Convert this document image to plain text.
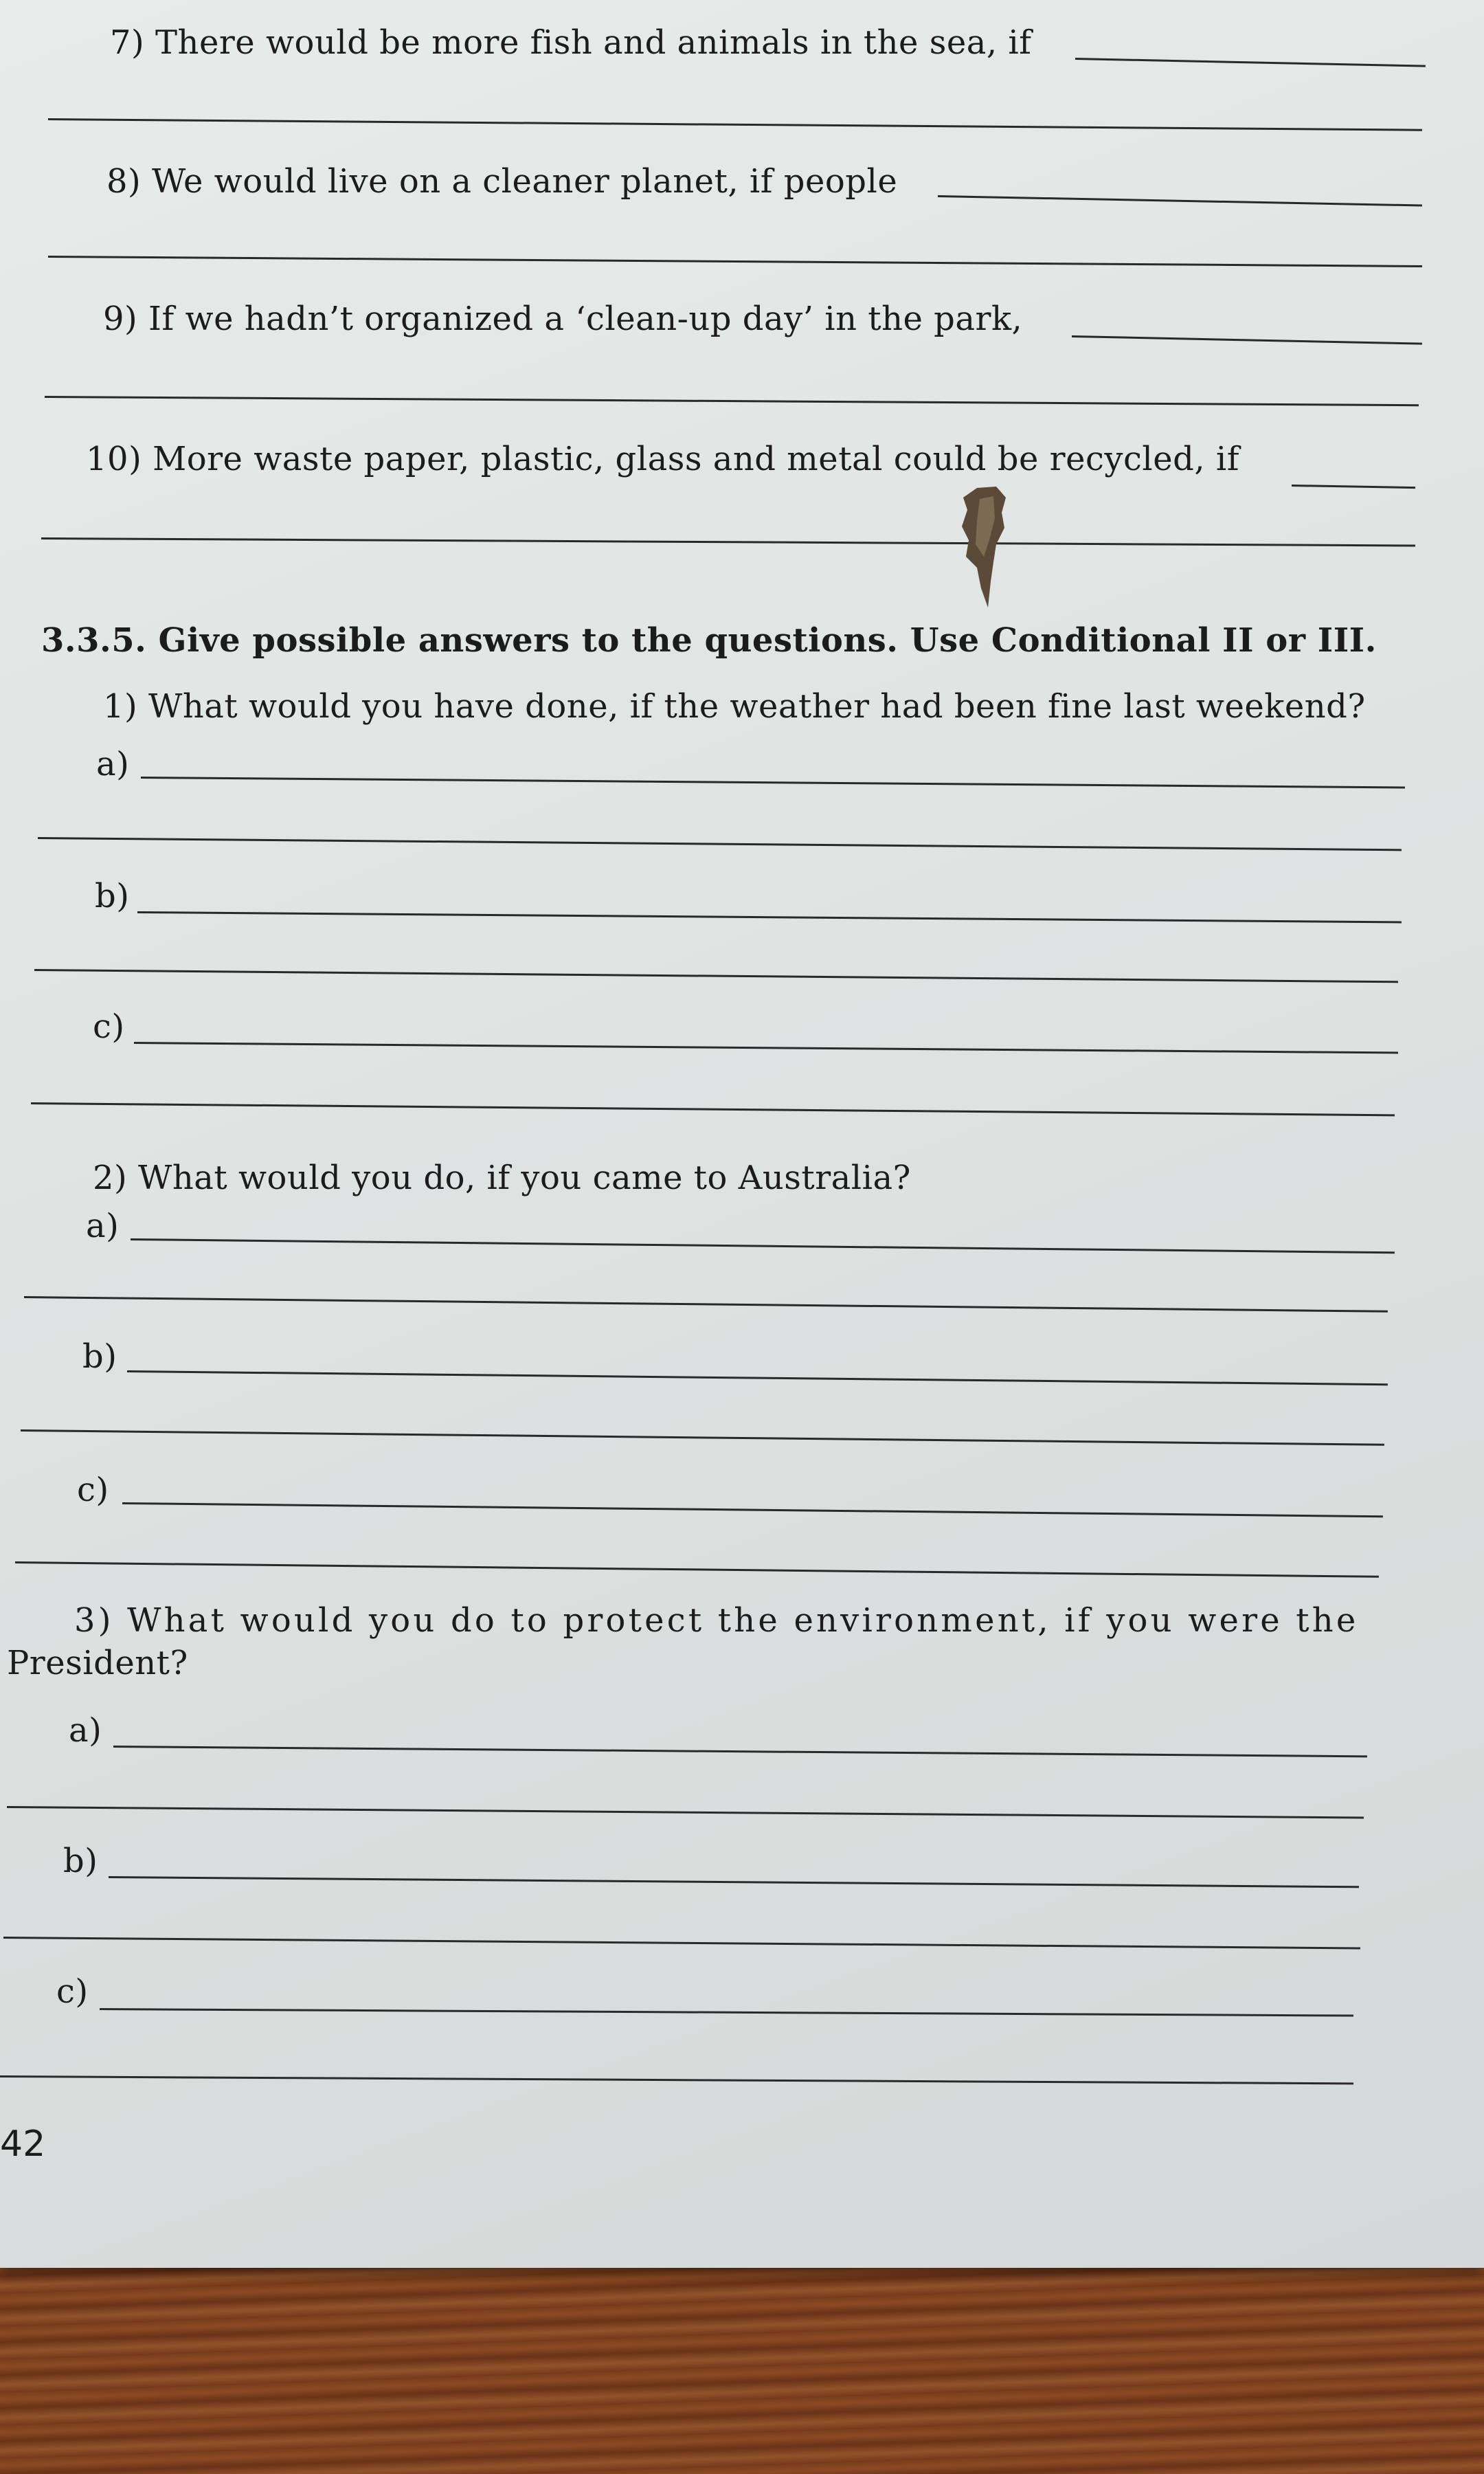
7) There would be more fish and animals in the sea, if
8) We would live on a cleaner planet, if people
9) If we hadn’t organized a ‘clean-up day’ in the park,
10) More waste paper, plastic, glass and metal could be recycled, if
3.3.5. Give possible answers to the questions. Use Conditional II or III.
1) What would you have done, if the weather had been fine last weekend?
a)
b)
c)
2) What would you do, if you came to Australia?
a)
b)
c)
3) What would you do to protect the environment, if you were the
President?
a)
b)
c)
42
